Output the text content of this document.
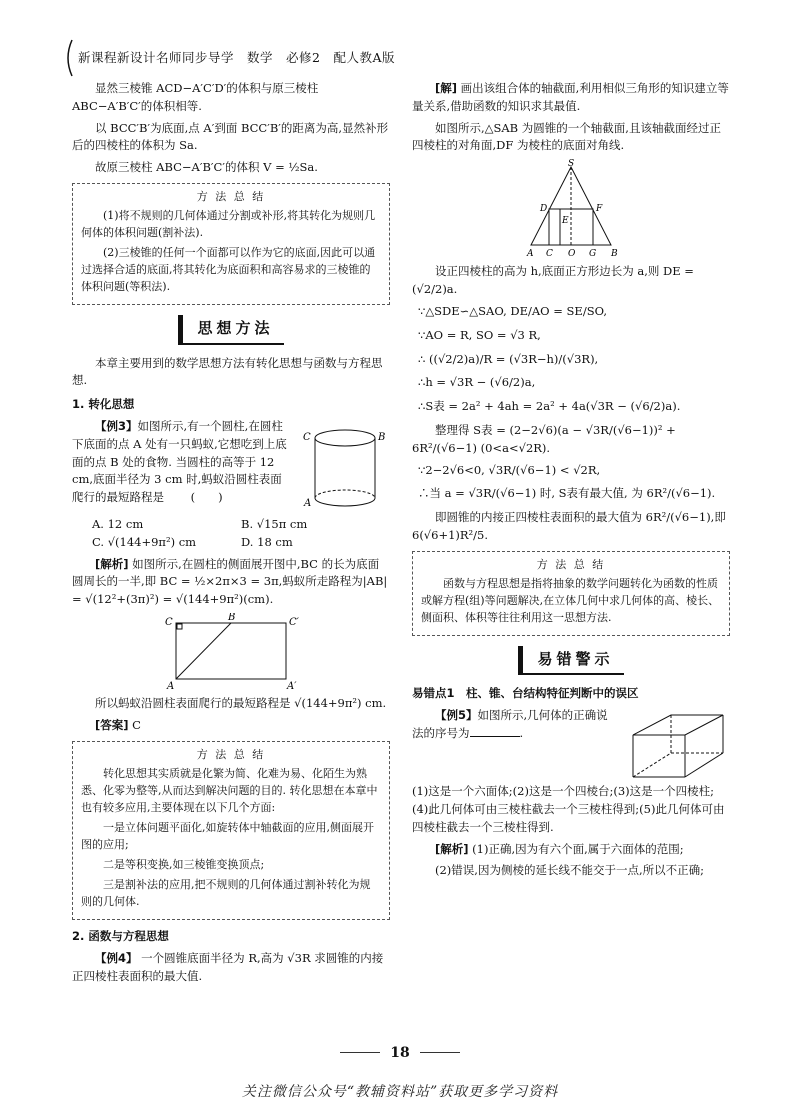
新课程新设计名师同步导学　数学　必修2　配人教A版

显然三棱锥 ACD−A′C′D′的体积与原三棱柱 ABC−A′B′C′的体积相等.

以 BCC′B′为底面,点 A′到面 BCC′B′的距离为高,显然补形后的四棱柱的体积为 Sa.

故原三棱柱 ABC−A′B′C′的体积 V = ½Sa.

方 法 总 结

(1)将不规则的几何体通过分割或补形,将其转化为规则几何体的体积问题(割补法).

(2)三棱锥的任何一个面都可以作为它的底面,因此可以通过选择合适的底面,将其转化为底面积和高容易求的三棱锥的体积问题(等积法).

思想方法

本章主要用到的数学思想方法有转化思想与函数与方程思想.

1. 转化思想

【例3】如图所示,有一个圆柱,在圆柱下底面的点 A 处有一只蚂蚁,它想吃到上底面的点 B 处的食物. 当圆柱的高等于 12 cm,底面半径为 3 cm 时,蚂蚁沿圆柱表面爬行的最短路程是 (　　)

C	B
A
A. 12 cm	B. √15π cm
C. √(144+9π²) cm	D. 18 cm

[解析] 如图所示,在圆柱的侧面展开图中,BC 的长为底面圆周长的一半,即 BC = ½×2π×3 = 3π,蚂蚁所走路程为|AB| = √(12²+(3π)²) = √(144+9π²)(cm).

C	B	C′
A	A′

所以蚂蚁沿圆柱表面爬行的最短路程是 √(144+9π²) cm.

[答案] C

方 法 总 结

转化思想其实质就是化繁为简、化难为易、化陌生为熟悉、化零为整等,从而达到解决问题的目的. 转化思想在本章中也有较多应用,主要体现在以下几个方面:

一是立体问题平面化,如旋转体中轴截面的应用,侧面展开图的应用;

二是等积变换,如三棱锥变换顶点;

三是割补法的应用,把不规则的几何体通过割补转化为规则的几何体.

2. 函数与方程思想

【例4】 一个圆锥底面半径为 R,高为 √3R 求圆锥的内接正四棱柱表面积的最大值.

[解] 画出该组合体的轴截面,利用相似三角形的知识建立等量关系,借助函数的知识求其最值.

如图所示,△SAB 为圆锥的一个轴截面,且该轴截面经过正四棱柱的对角面,DF 为棱柱的底面对角线.

S
D
E
F
A C O G B

设正四棱柱的高为 h,底面正方形边长为 a,则 DE = (√2/2)a.

∵△SDE∽△SAO, DE/AO = SE/SO,

∵AO = R, SO = √3 R,

∴ ((√2/2)a)/R = (√3R−h)/(√3R),

∴h = √3R − (√6/2)a,

∴S表 = 2a² + 4ah = 2a² + 4a(√3R − (√6/2)a).

整理得 S表 = (2−2√6)(a − √3R/(√6−1))² + 6R²/(√6−1) (0<a<√2R).

∵2−2√6<0, √3R/(√6−1) < √2R,

∴当 a = √3R/(√6−1) 时, S表有最大值, 为 6R²/(√6−1).

即圆锥的内接正四棱柱表面积的最大值为 6R²/(√6−1),即 6(√6+1)R²/5.

方 法 总 结

函数与方程思想是指将抽象的数学问题转化为函数的性质或解方程(组)等问题解决,在立体几何中求几何体的高、棱长、侧面积、体积等往往利用这一思想方法.

易错警示
易错点1　柱、锥、台结构特征判断中的误区

【例5】如图所示,几何体的正确说法的序号为	.

(1)这是一个六面体;(2)这是一个四棱台;(3)这是一个四棱柱;(4)此几何体可由三棱柱截去一个三棱柱得到;(5)此几何体可由四棱柱截去一个三棱柱得到.

[解析] (1)正确,因为有六个面,属于六面体的范围;

(2)错误,因为侧棱的延长线不能交于一点,所以不正确;

18
关注微信公众号“教辅资料站”获取更多学习资料
